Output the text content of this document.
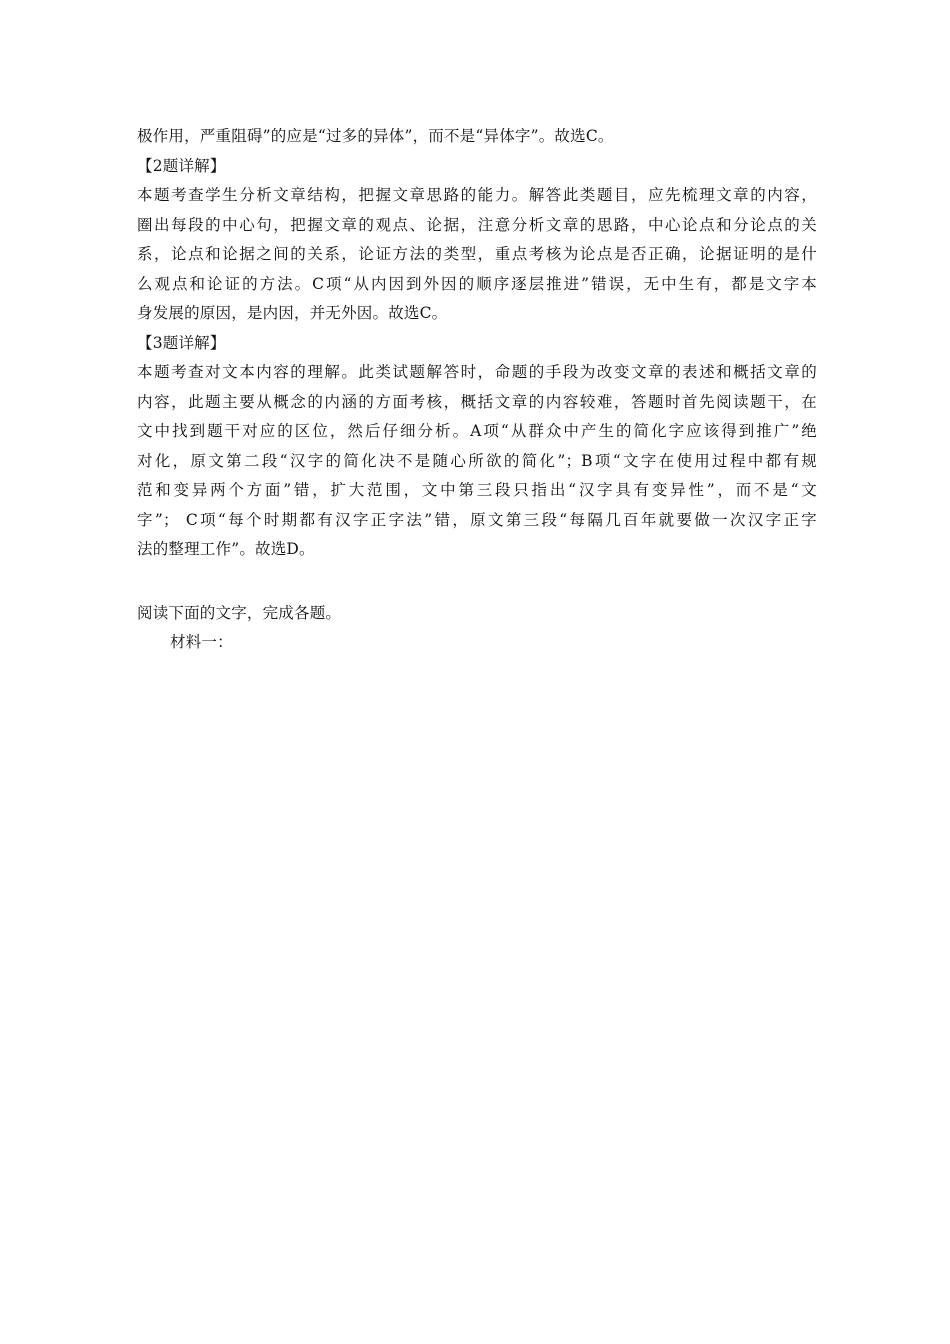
极作用，严重阻碍”的应是“过多的异体”，而不是“异体字”。故选C。
【2题详解】
本题考查学生分析文章结构，把握文章思路的能力。解答此类题目，应先梳理文章的内容，
圈出每段的中心句，把握文章的观点、论据，注意分析文章的思路，中心论点和分论点的关
系，论点和论据之间的关系，论证方法的类型，重点考核为论点是否正确，论据证明的是什
么观点和论证的方法。C项“从内因到外因的顺序逐层推进”错误，无中生有，都是文字本
身发展的原因，是内因，并无外因。故选C。
【3题详解】
本题考查对文本内容的理解。此类试题解答时，命题的手段为改变文章的表述和概括文章的
内容，此题主要从概念的内涵的方面考核，概括文章的内容较难，答题时首先阅读题干，在
文中找到题干对应的区位，然后仔细分析。A项“从群众中产生的简化字应该得到推广”绝
对化，原文第二段“汉字的简化决不是随心所欲的简化”；B项“文字在使用过程中都有规
范和变异两个方面”错，扩大范围，文中第三段只指出“汉字具有变异性”，而不是“文
字”； C项“每个时期都有汉字正字法”错，原文第三段“每隔几百年就要做一次汉字正字
法的整理工作”。故选D。
阅读下面的文字，完成各题。
材料一：
